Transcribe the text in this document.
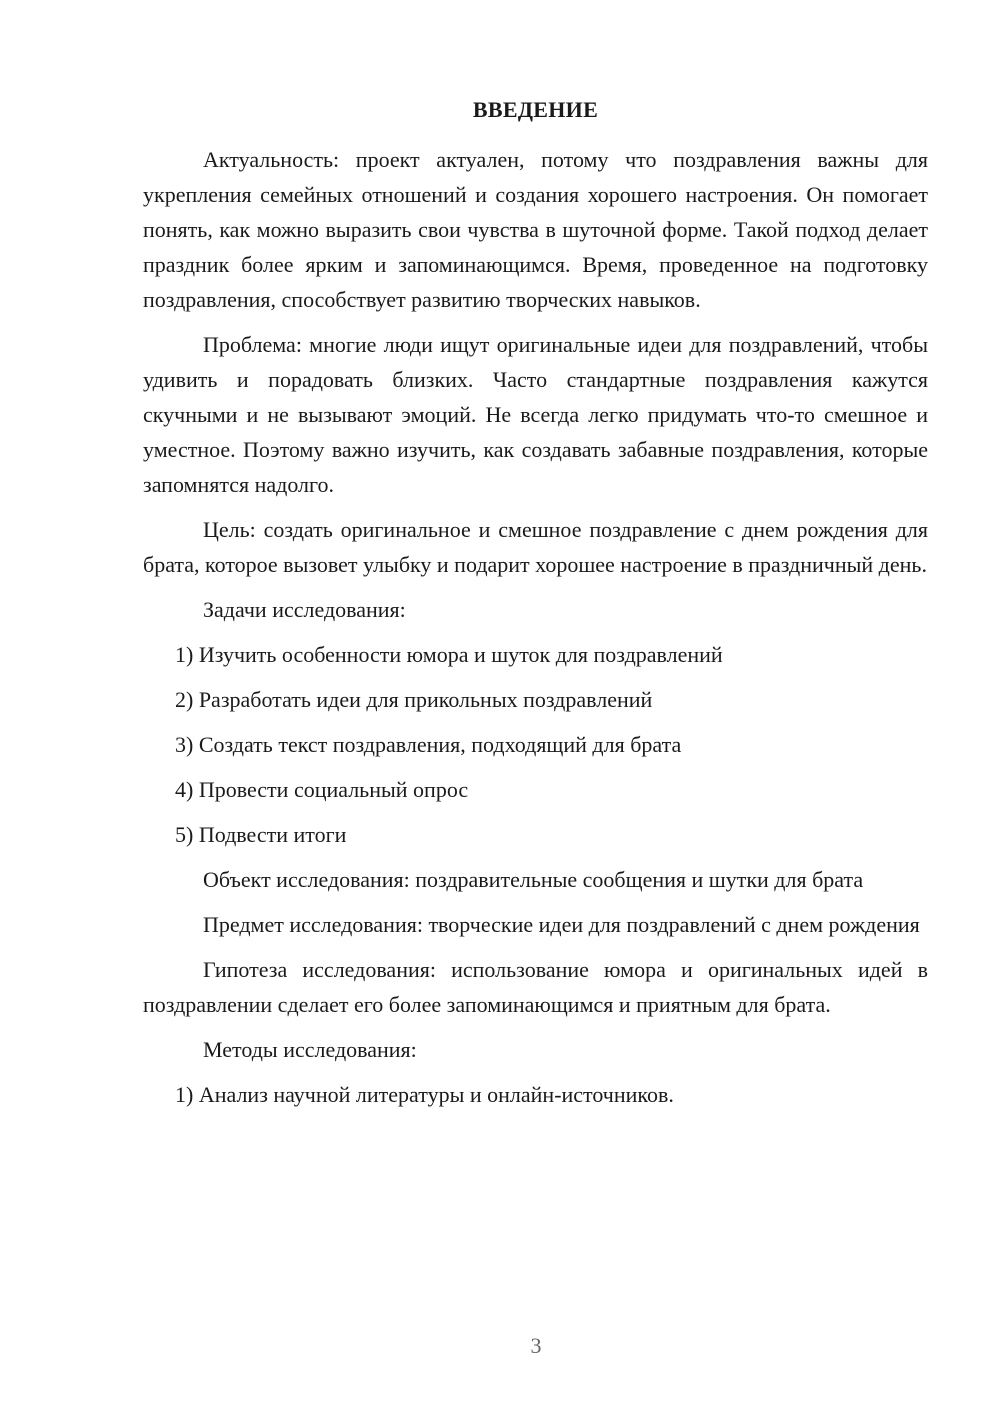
ВВЕДЕНИЕ

Актуальность: проект актуален, потому что поздравления важны для укрепления семейных отношений и создания хорошего настроения. Он помогает понять, как можно выразить свои чувства в шуточной форме. Такой подход делает праздник более ярким и запоминающимся. Время, проведенное на подготовку поздравления, способствует развитию творческих навыков.

Проблема: многие люди ищут оригинальные идеи для поздравлений, чтобы удивить и порадовать близких. Часто стандартные поздравления кажутся скучными и не вызывают эмоций. Не всегда легко придумать что-то смешное и уместное. Поэтому важно изучить, как создавать забавные поздравления, которые запомнятся надолго.

Цель: создать оригинальное и смешное поздравление с днем рождения для брата, которое вызовет улыбку и подарит хорошее настроение в праздничный день.

Задачи исследования:

1) Изучить особенности юмора и шуток для поздравлений
2) Разработать идеи для прикольных поздравлений
3) Создать текст поздравления, подходящий для брата
4) Провести социальный опрос
5) Подвести итоги

Объект исследования: поздравительные сообщения и шутки для брата

Предмет исследования: творческие идеи для поздравлений с днем рождения

Гипотеза исследования: использование юмора и оригинальных идей в поздравлении сделает его более запоминающимся и приятным для брата.

Методы исследования:

1) Анализ научной литературы и онлайн-источников.
3
